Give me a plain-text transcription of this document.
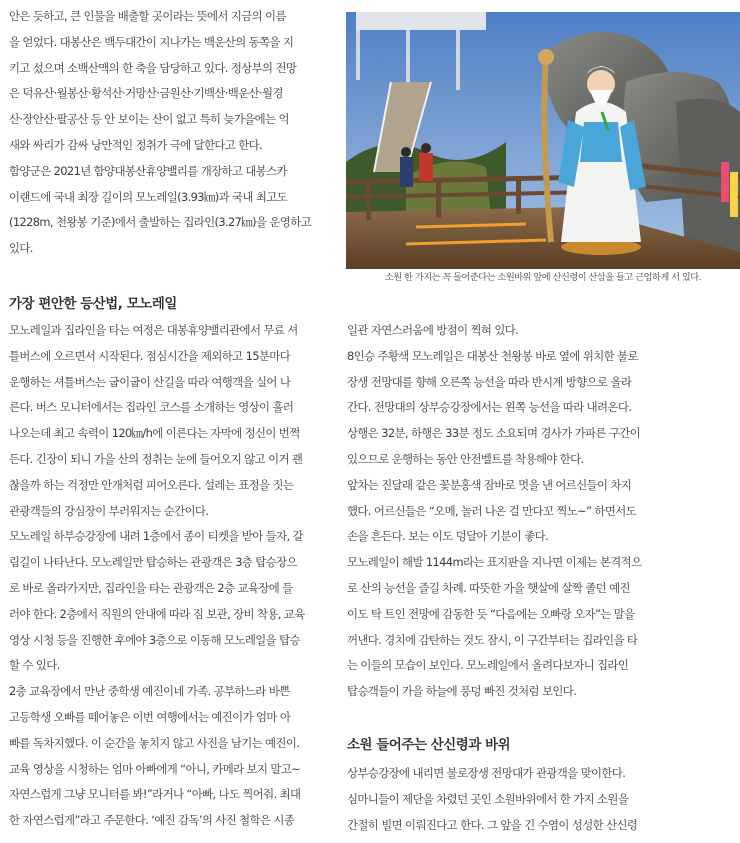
안은 듯하고, 큰 인물을 배출할 곳이라는 뜻에서 지금의 이름
을 얻었다. 대봉산은 백두대간이 지나가는 백운산의 동쪽을 지
키고 섰으며 소백산맥의 한 축을 담당하고 있다. 정상부의 전망
은 덕유산·월봉산·황석산·거망산·금원산·기백산·백운산·월경
산·장안산·팔공산 등 안 보이는 산이 없고 특히 늦가을에는 억
새와 싸리가 감싸 낭만적인 정취가 극에 달한다고 한다.

함양군은 2021년 함양대봉산휴양밸리를 개장하고 대봉스카
이랜드에 국내 최장 길이의 모노레일(3.93㎞)과 국내 최고도
(1228m, 천왕봉 기준)에서 출발하는 집라인(3.27㎞)을 운영하고
있다.

소원 한 가지는 꼭 들어준다는 소원바위 앞에 산신령이 산삼을 들고 근엄하게 서 있다.

가장 편안한 등산법, 모노레일

모노레일과 집라인을 타는 여정은 대봉휴양밸리관에서 무료 셔
틀버스에 오르면서 시작된다. 점심시간을 제외하고 15분마다
운행하는 셔틀버스는 굽이굽이 산길을 따라 여행객을 실어 나
른다. 버스 모니터에서는 집라인 코스를 소개하는 영상이 흘러
나오는데 최고 속력이 120㎞/h에 이른다는 자막에 정신이 번쩍
든다. 긴장이 되니 가을 산의 정취는 눈에 들어오지 않고 이거 괜
찮을까 하는 걱정만 안개처럼 피어오른다. 설레는 표정을 짓는
관광객들의 강심장이 부러워지는 순간이다.

모노레일 하부승강장에 내려 1층에서 종이 티켓을 받아 들자, 갈
림길이 나타난다. 모노레일만 탑승하는 관광객은 3층 탑승장으
로 바로 올라가지만, 집라인을 타는 관광객은 2층 교육장에 들
러야 한다. 2층에서 직원의 안내에 따라 짐 보관, 장비 착용, 교육
영상 시청 등을 진행한 후에야 3층으로 이동해 모노레일을 탑승
할 수 있다.

2층 교육장에서 만난 중학생 예진이네 가족. 공부하느라 바쁜
고등학생 오빠를 떼어놓은 이번 여행에서는 예진이가 엄마 아
빠를 독차지했다. 이 순간을 놓치지 않고 사진을 남기는 예진이.
교육 영상을 시청하는 엄마 아빠에게 “아니, 카메라 보지 말고~
자연스럽게 그냥 모니터를 봐!”라거나 “아빠, 나도 찍어줘. 최대
한 자연스럽게”라고 주문한다. ‘예진 감독’의 사진 철학은 시종

일관 자연스러움에 방점이 찍혀 있다.

8인승 주황색 모노레일은 대봉산 천왕봉 바로 옆에 위치한 불로
장생 전망대를 향해 오른쪽 능선을 따라 반시계 방향으로 올라
간다. 전망대의 상부승강장에서는 왼쪽 능선을 따라 내려온다.
상행은 32분, 하행은 33분 정도 소요되며 경사가 가파른 구간이
있으므로 운행하는 동안 안전벨트를 착용해야 한다.

앞차는 진달래 같은 꽃분홍색 잠바로 멋을 낸 어르신들이 차지
했다. 어르신들은 “오메, 놀러 나온 걸 만다꼬 찍노~” 하면서도
손을 흔든다. 보는 이도 덩달아 기분이 좋다.

모노레일이 해발 1144m라는 표지판을 지나면 이제는 본격적으
로 산의 능선을 즐길 차례. 따뜻한 가을 햇살에 살짝 졸던 예진
이도 탁 트인 전망에 감동한 듯 “다음에는 오빠랑 오자”는 말을
꺼낸다. 경치에 감탄하는 것도 잠시, 이 구간부터는 집라인을 타
는 이들의 모습이 보인다. 모노레일에서 올려다보자니 집라인
탑승객들이 가을 하늘에 풍덩 빠진 것처럼 보인다.

소원 들어주는 산신령과 바위

상부승강장에 내리면 불로장생 전망대가 관광객을 맞이한다.
심마니들이 제단을 차렸던 곳인 소원바위에서 한 가지 소원을
간절히 빌면 이뤄진다고 한다. 그 앞을 긴 수염이 성성한 산신령
